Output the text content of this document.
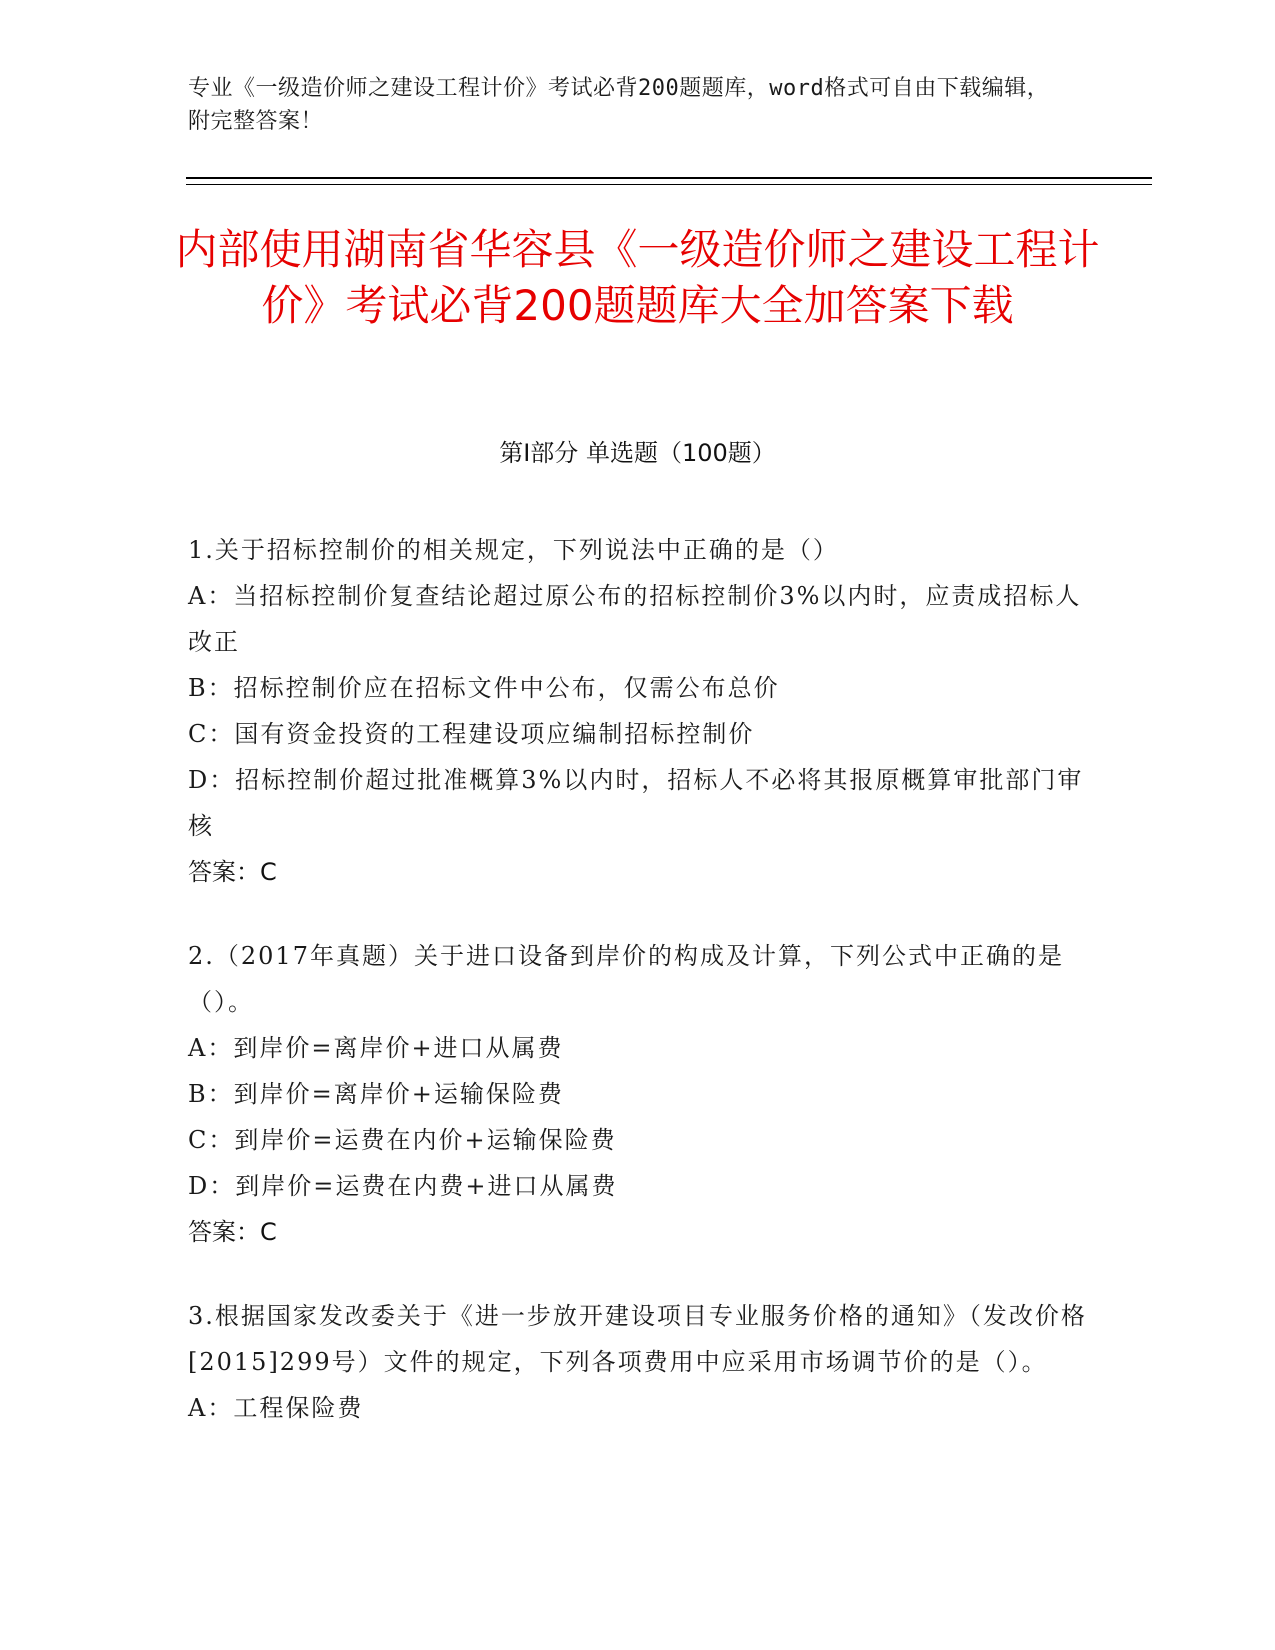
专业《一级造价师之建设工程计价》考试必背200题题库，word格式可自由下载编辑，附完整答案！
内部使用湖南省华容县《一级造价师之建设工程计价》考试必背200题题库大全加答案下载
第Ⅰ部分 单选题（100题）

1.关于招标控制价的相关规定，下列说法中正确的是（）

A：当招标控制价复查结论超过原公布的招标控制价3%以内时，应责成招标人改正

B：招标控制价应在招标文件中公布，仅需公布总价

C：国有资金投资的工程建设项应编制招标控制价

D：招标控制价超过批准概算3%以内时，招标人不必将其报原概算审批部门审核

答案：C

2.（2017年真题）关于进口设备到岸价的构成及计算，下列公式中正确的是（）。

A：到岸价=离岸价+进口从属费

B：到岸价=离岸价+运输保险费

C：到岸价=运费在内价+运输保险费

D：到岸价=运费在内费+进口从属费

答案：C

3.根据国家发改委关于《进一步放开建设项目专业服务价格的通知》（发改价格[2015]299号）文件的规定，下列各项费用中应采用市场调节价的是（）。

A：工程保险费
